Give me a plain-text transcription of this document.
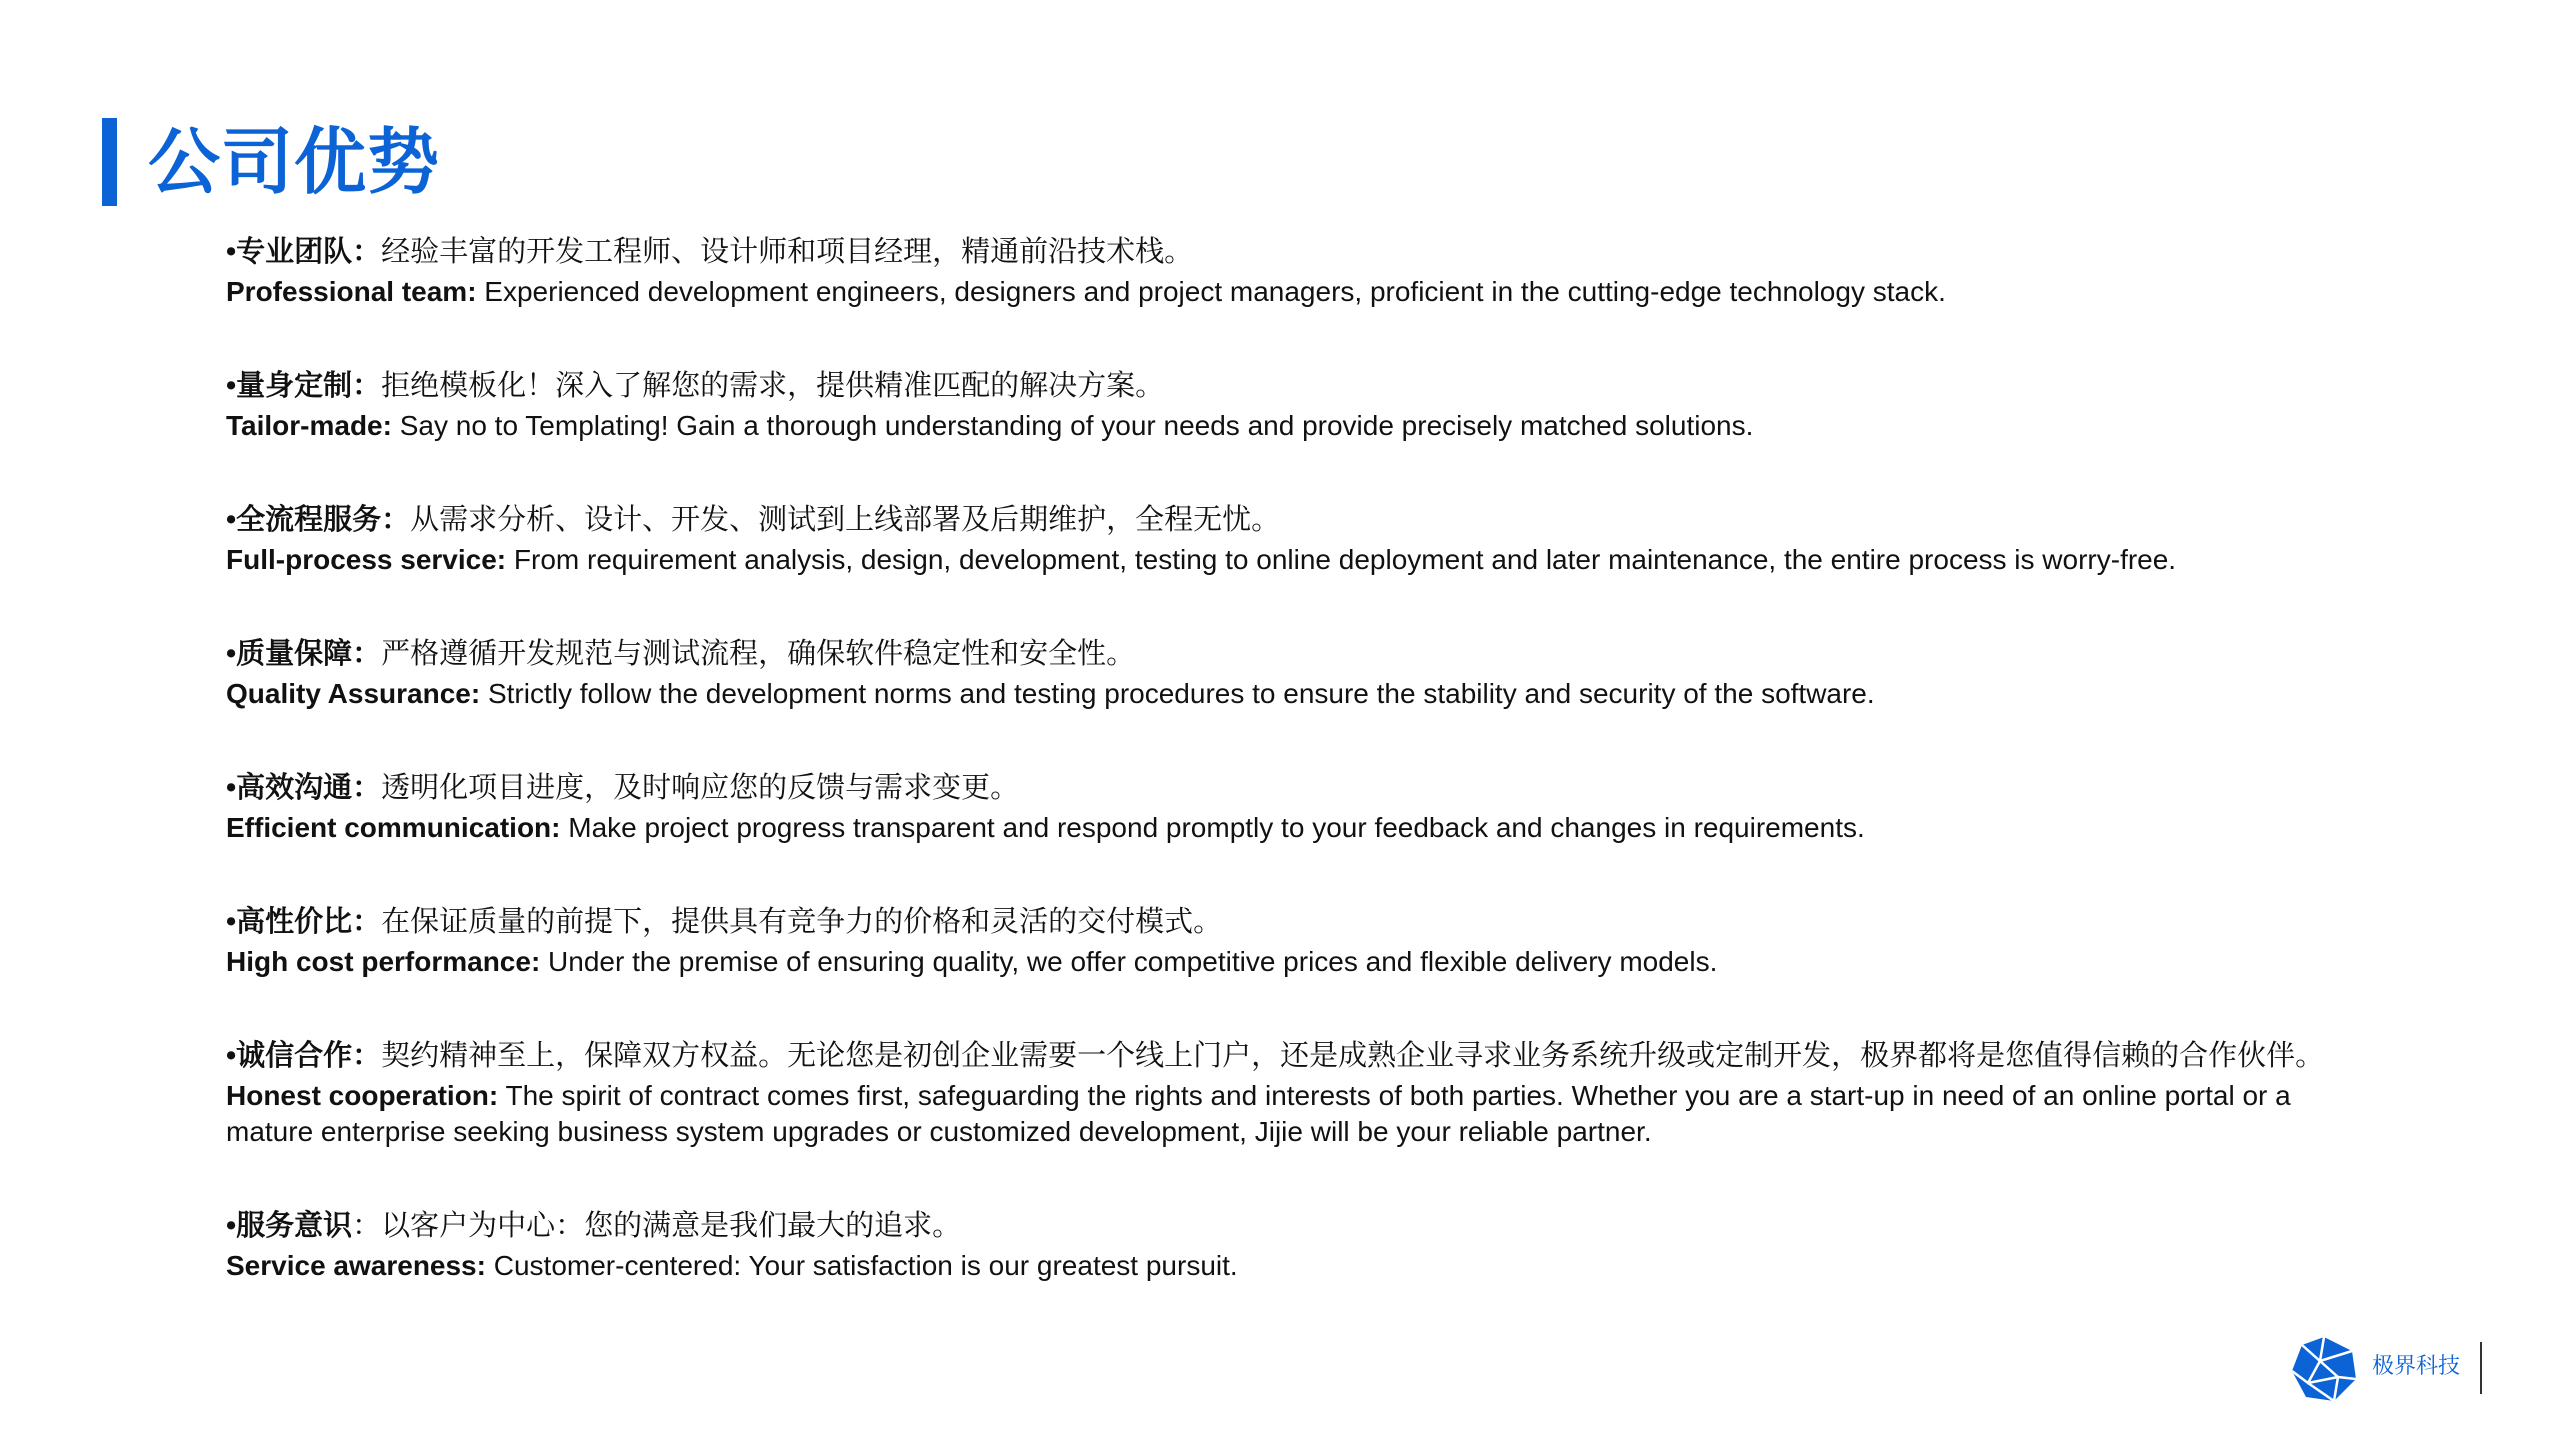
公司优势
•专业团队：经验丰富的开发工程师、设计师和项目经理，精通前沿技术栈。
Professional team: Experienced development engineers, designers and project managers, proficient in the cutting-edge technology stack.
•量身定制：拒绝模板化！深入了解您的需求，提供精准匹配的解决方案。
Tailor-made: Say no to Templating! Gain a thorough understanding of your needs and provide precisely matched solutions.
•全流程服务：从需求分析、设计、开发、测试到上线部署及后期维护，全程无忧。
Full-process service: From requirement analysis, design, development, testing to online deployment and later maintenance, the entire process is worry-free.
•质量保障：严格遵循开发规范与测试流程，确保软件稳定性和安全性。
Quality Assurance: Strictly follow the development norms and testing procedures to ensure the stability and security of the software.
•高效沟通：透明化项目进度，及时响应您的反馈与需求变更。
Efficient communication: Make project progress transparent and respond promptly to your feedback and changes in requirements.
•高性价比：在保证质量的前提下，提供具有竞争力的价格和灵活的交付模式。
High cost performance: Under the premise of ensuring quality, we offer competitive prices and flexible delivery models.
•诚信合作：契约精神至上，保障双方权益。无论您是初创企业需要一个线上门户，还是成熟企业寻求业务系统升级或定制开发，极界都将是您值得信赖的合作伙伴。
Honest cooperation: The spirit of contract comes first, safeguarding the rights and interests of both parties. Whether you are a start-up in need of an online portal or a mature enterprise seeking business system upgrades or customized development, Jijie will be your reliable partner.
•服务意识：以客户为中心：您的满意是我们最大的追求。
Service awareness: Customer-centered: Your satisfaction is our greatest pursuit.
极界科技
